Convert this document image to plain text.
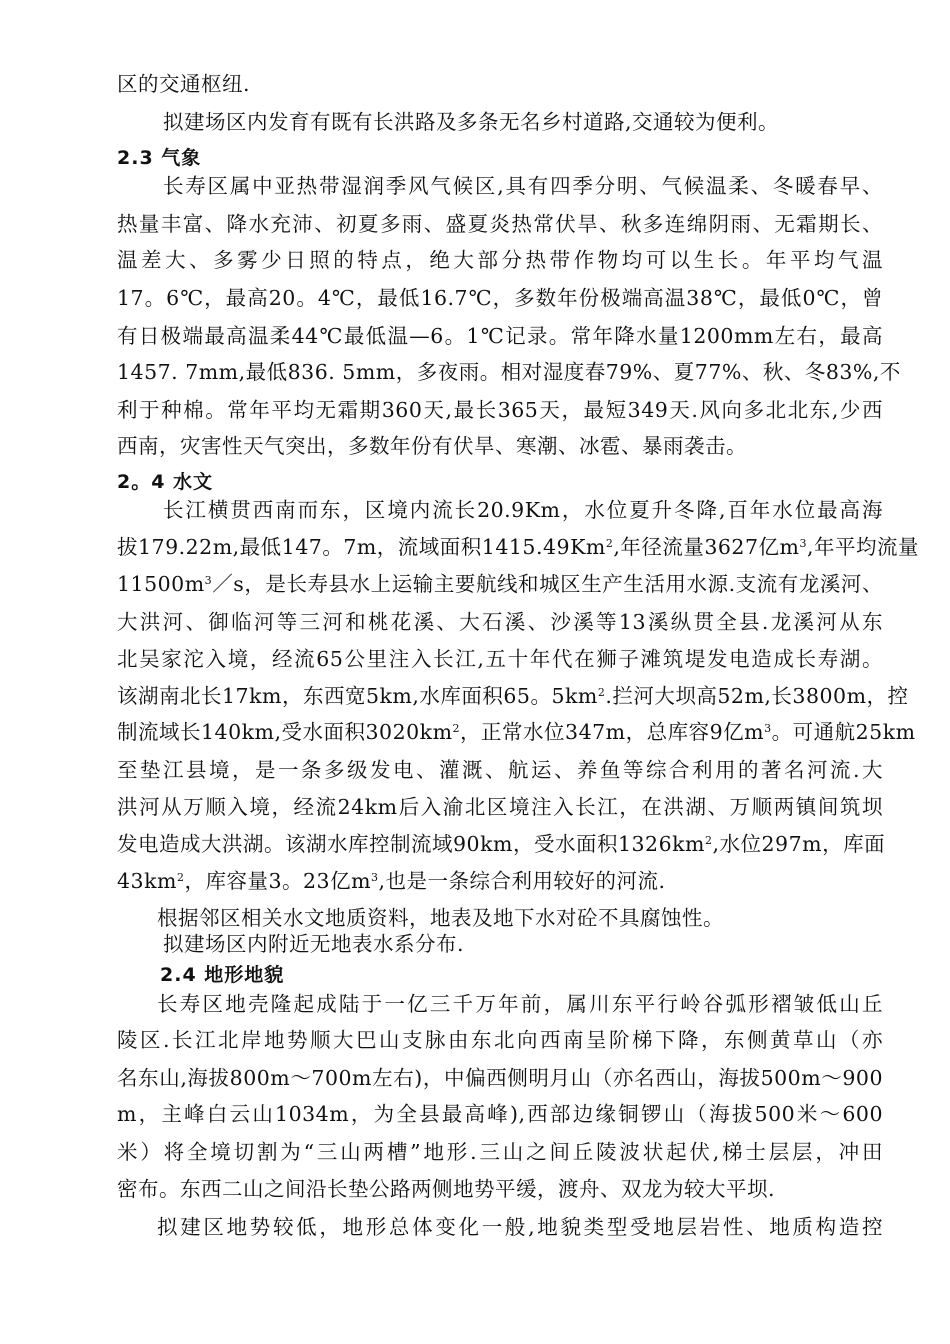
区的交通枢纽.
拟建场区内发育有既有长洪路及多条无名乡村道路,交通较为便利。
2.3 气象
长寿区属中亚热带湿润季风气候区,具有四季分明、气候温柔、冬暖春早、
热量丰富、降水充沛、初夏多雨、盛夏炎热常伏旱、秋多连绵阴雨、无霜期长、
温差大、多雾少日照的特点，绝大部分热带作物均可以生长。年平均气温
17。6℃，最高20。4℃，最低16.7℃，多数年份极端高温38℃，最低0℃，曾
有日极端最高温柔44℃最低温—6。1℃记录。常年降水量1200mm左右，最高
1457. 7mm,最低836. 5mm，多夜雨。相对湿度春79%、夏77%、秋、冬83%,不
利于种棉。常年平均无霜期360天,最长365天，最短349天.风向多北北东,少西
西南，灾害性天气突出，多数年份有伏旱、寒潮、冰雹、暴雨袭击。
2。4 水文
长江横贯西南而东，区境内流长20.9Km，水位夏升冬降,百年水位最高海
拔179.22m,最低147。7m，流域面积1415.49Km$^2$,年径流量3627亿$m^3$,年平均流量
$11500m^3/s$，是长寿县水上运输主要航线和城区生产生活用水源.支流有龙溪河、
大洪河、御临河等三河和桃花溪、大石溪、沙溪等13溪纵贯全县.龙溪河从东
北吴家沱入境，经流65公里注入长江,五十年代在狮子滩筑堤发电造成长寿湖。
该湖南北长17km，东西宽5km,水库面积65。$5km^2$.拦河大坝高52m,长3800m，控
制流域长140km,受水面积$3020km^2$，正常水位347m，总库容9亿$m^3$。可通航25km
至垫江县境，是一条多级发电、灌溉、航运、养鱼等综合利用的著名河流.大
洪河从万顺入境，经流24km后入渝北区境注入长江，在洪湖、万顺两镇间筑坝
发电造成大洪湖。该湖水库控制流域90km，受水面积$1326km^2$,水位297m，库面
$43km^2$，库容量3。23亿$m^3$,也是一条综合利用较好的河流.
根据邻区相关水文地质资料，地表及地下水对砼不具腐蚀性。
拟建场区内附近无地表水系分布.
2.4 地形地貌
长寿区地壳隆起成陆于一亿三千万年前，属川东平行岭谷弧形褶皱低山丘
陵区.长江北岸地势顺大巴山支脉由东北向西南呈阶梯下降，东侧黄草山（亦
名东山,海拔800m～700m左右)，中偏西侧明月山（亦名西山，海拔500m～900
m，主峰白云山1034m，为全县最高峰),西部边缘铜锣山（海拔500米～600
米）将全境切割为“三山两槽”地形.三山之间丘陵波状起伏,梯士层层，冲田
密布。东西二山之间沿长垫公路两侧地势平缓，渡舟、双龙为较大平坝.
拟建区地势较低，地形总体变化一般,地貌类型受地层岩性、地质构造控
